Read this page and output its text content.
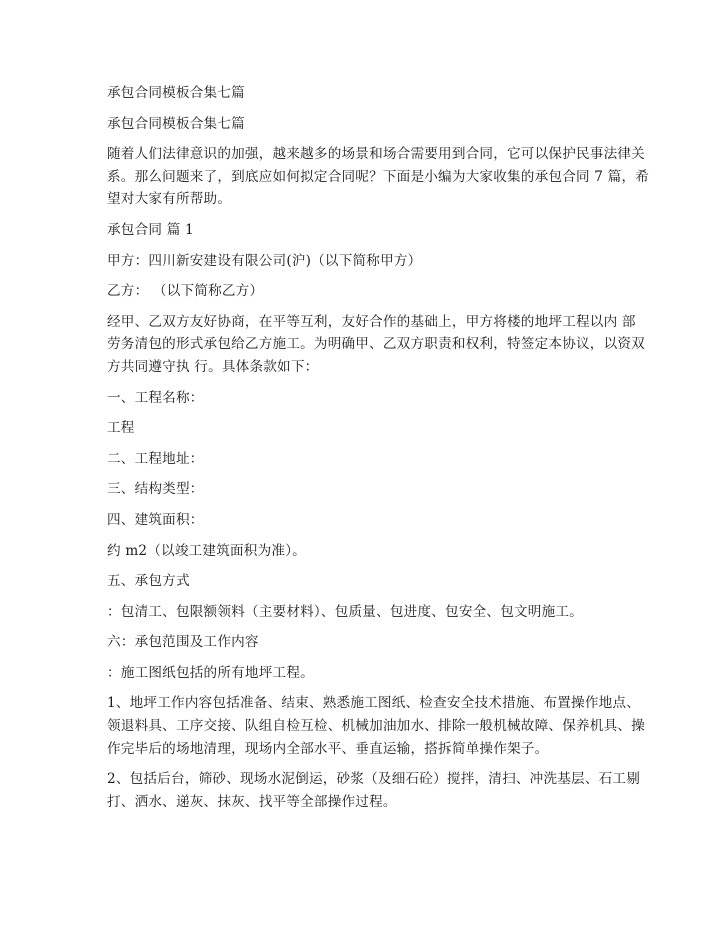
承包合同模板合集七篇

承包合同模板合集七篇

随着人们法律意识的加强，越来越多的场景和场合需要用到合同，它可以保护民事法律关
系。那么问题来了，到底应如何拟定合同呢？下面是小编为大家收集的承包合同 7 篇，希
望对大家有所帮助。

承包合同 篇 1

甲方：四川新安建设有限公司(沪)（以下简称甲方）

乙方： （以下简称乙方）

经甲、乙双方友好协商，在平等互利，友好合作的基础上，甲方将楼的地坪工程以内 部
劳务清包的形式承包给乙方施工。为明确甲、乙双方职责和权利，特签定本协议，以资双
方共同遵守执 行。具体条款如下：

一、工程名称：

工程

二、工程地址：

三、结构类型：

四、建筑面积：

约 m2（以竣工建筑面积为准）。

五、承包方式

：包清工、包限额领料（主要材料）、包质量、包进度、包安全、包文明施工。

六：承包范围及工作内容

：施工图纸包括的所有地坪工程。

1、地坪工作内容包括准备、结束、熟悉施工图纸、检查安全技术措施、布置操作地点、
领退料具、工序交接、队组自检互检、机械加油加水、排除一般机械故障、保养机具、操
作完毕后的场地清理，现场内全部水平、垂直运输，搭拆简单操作架子。

2、包括后台，筛砂、现场水泥倒运，砂浆（及细石砼）搅拌，清扫、冲洗基层、石工剔
打、洒水、递灰、抹灰、找平等全部操作过程。
